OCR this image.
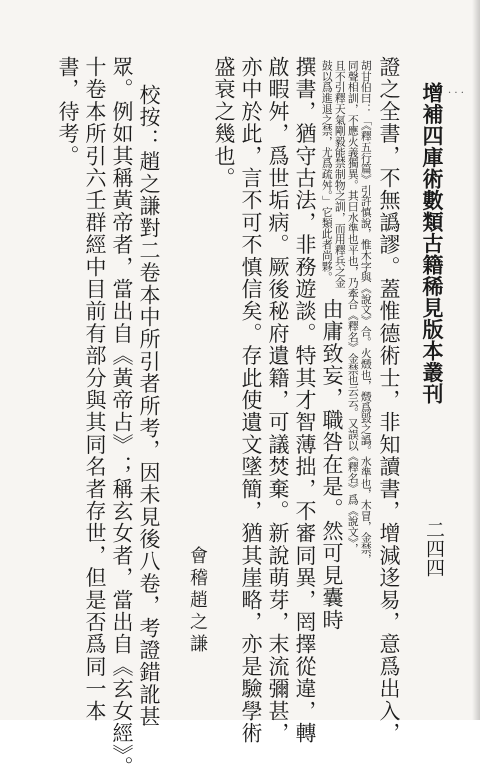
增補四庫術數類古籍稀見版本叢刊 · · ·
二四四
證之全書，不無譌謬。蓋惟德術士，非知讀書，增減迻易，意爲出入，
胡甘伯曰：「《釋五行篇》引許慎說，惟木字與《說文》合。火燬也，燬爲毀之譌。水準也，木冒，金禁，
同聲相訓，不應火義獨異。其曰水準也平也，乃牽合《釋名》金禁也云云。又誤以《釋名》爲《說文》，
且不引釋天氣剛毅能禁制物之訓，而用釋兵之金
鼓以爲進退之禁，尤爲疏舛。」它類此者尚夥。
由庸致妄，職咎在是。然可見囊時
撰書，猶守古法，非務遊談。特其才智薄拙，不審同異，罔擇從違，轉
啟暇舛，爲世垢病。厥後秘府遺籍，可議焚棄。新說萌芽，末流彌甚，
亦中於此，言不可不慎信矣。存此使遺文墜簡，猶其崖略，亦是驗學術
盛衰之幾也。
會稽趙之謙
校按：趙之謙對二卷本中所引者所考，因未見後八卷，考證錯訛甚
眾。例如其稱黃帝者，當出自《黃帝占》；稱玄女者，當出自《玄女經》。
十卷本所引六壬群經中目前有部分與其同名者存世，但是否爲同一本
書，待考。
